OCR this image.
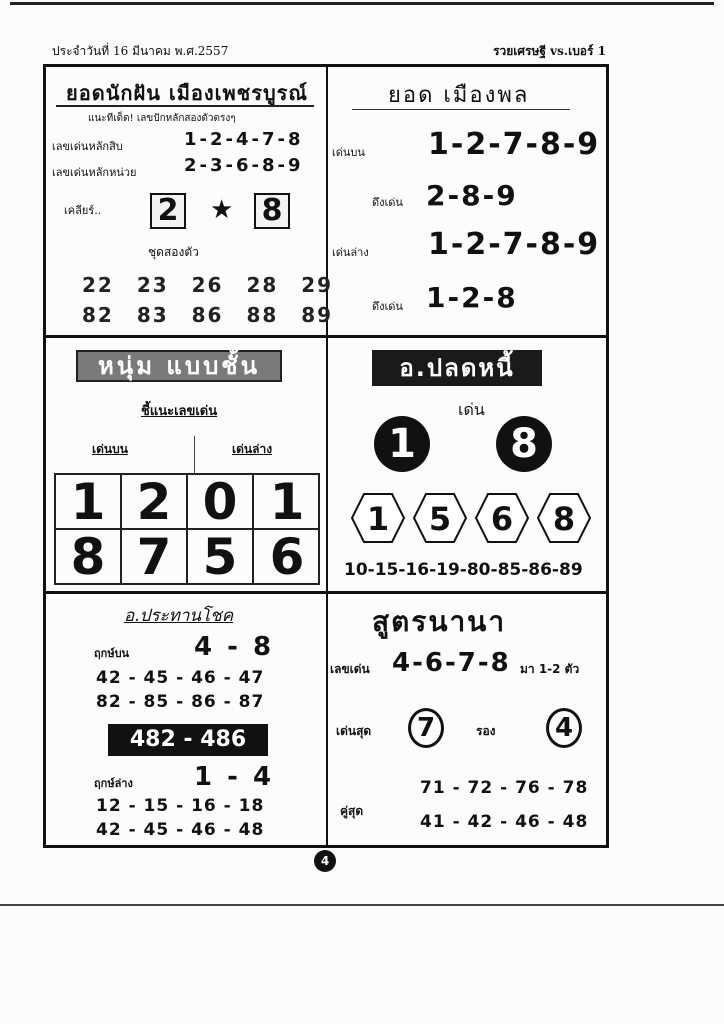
ประจำวันที่ 16 มีนาคม พ.ศ.2557	รวยเศรษฐี vs.เบอร์ 1
ยอดนักฝัน เมืองเพชรบูรณ์
แนะทีเด็ด! เลขปักหลักสองตัวตรงๆ
เลขเด่นหลักสิบ	1-2-4-7-8
เลขเด่นหลักหน่วย	2-3-6-8-9
เคลียร์.. 2 ★ 8
ชุดสองตัว
22 23 26 28 29
82 83 86 88 89
ยอด เมืองพล
เด่นบน 1-2-7-8-9
ดึงเด่น 2-8-9
เด่นล่าง 1-2-7-8-9
ดึงเด่น 1-2-8
หนุ่ม แบบชั้น
ชี้แนะเลขเด่น
เด่นบน	เด่นล่าง
1 2 0 1
8 7 5 6
อ.ปลดหนี้
เด่น
1	8
1 5 6 8
10-15-16-19-80-85-86-89
อ.ประทานโชค
ฤกษ์บน 4 - 8
42 - 45 - 46 - 47
82 - 85 - 86 - 87
482 - 486
ฤกษ์ล่าง 1 - 4
12 - 15 - 16 - 18
42 - 45 - 46 - 48
สูตรนานา
เลขเด่น 4-6-7-8 มา 1-2 ตัว
เด่นสุด	7	รอง	4
71 - 72 - 76 - 78
คู่สุด
41 - 42 - 46 - 48
4
